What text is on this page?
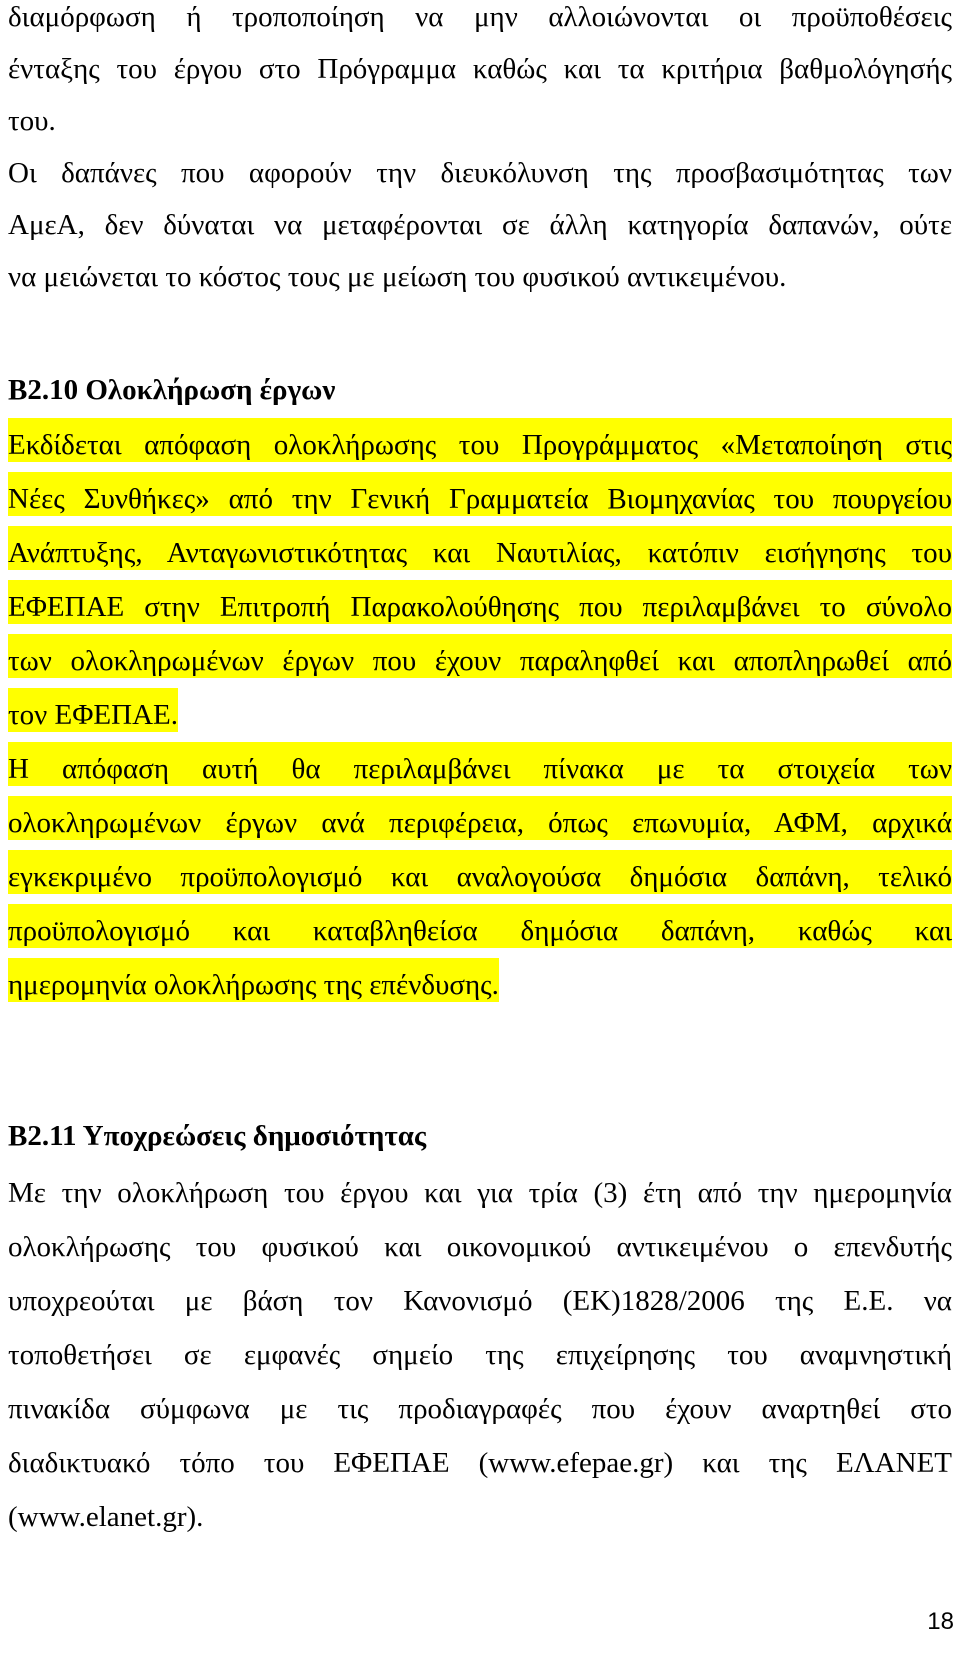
διαμόρφωση ή τροποποίηση να μην αλλοιώνονται οι προϋποθέσεις
ένταξης του έργου στο Πρόγραμμα καθώς και τα κριτήρια βαθμολόγησής
του.
Οι δαπάνες που αφορούν την διευκόλυνση της προσβασιμότητας των
ΑμεΑ, δεν δύναται να μεταφέρονται σε άλλη κατηγορία δαπανών, ούτε
να μειώνεται το κόστος τους με μείωση του φυσικού αντικειμένου.
Β2.10 Ολοκλήρωση έργων
Εκδίδεται απόφαση ολοκλήρωσης του Προγράμματος «Μεταποίηση στις
Νέες Συνθήκες» από την Γενική Γραμματεία Βιομηχανίας του πουργείου
Ανάπτυξης, Ανταγωνιστικότητας και Ναυτιλίας, κατόπιν εισήγησης του
ΕΦΕΠΑΕ στην Επιτροπή Παρακολούθησης που περιλαμβάνει το σύνολο
των ολοκληρωμένων έργων που έχουν παραληφθεί και αποπληρωθεί από
τον ΕΦΕΠΑΕ.
Η απόφαση αυτή θα περιλαμβάνει πίνακα με τα στοιχεία των
ολοκληρωμένων έργων ανά περιφέρεια, όπως επωνυμία, ΑΦΜ, αρχικά
εγκεκριμένο προϋπολογισμό και αναλογούσα δημόσια δαπάνη, τελικό
προϋπολογισμό και καταβληθείσα δημόσια δαπάνη, καθώς και
ημερομηνία ολοκλήρωσης της επένδυσης.
Β2.11 Υποχρεώσεις δημοσιότητας
Με την ολοκλήρωση του έργου και για τρία (3) έτη από την ημερομηνία
ολοκλήρωσης του φυσικού και οικονομικού αντικειμένου ο επενδυτής
υποχρεούται με βάση τον Κανονισμό (ΕΚ)1828/2006 της Ε.Ε. να
τοποθετήσει σε εμφανές σημείο της επιχείρησης του αναμνηστική
πινακίδα σύμφωνα με τις προδιαγραφές που έχουν αναρτηθεί στο
διαδικτυακό τόπο του ΕΦΕΠΑΕ (www.efepae.gr) και της ΕΛΑΝΕΤ
(www.elanet.gr).
18
